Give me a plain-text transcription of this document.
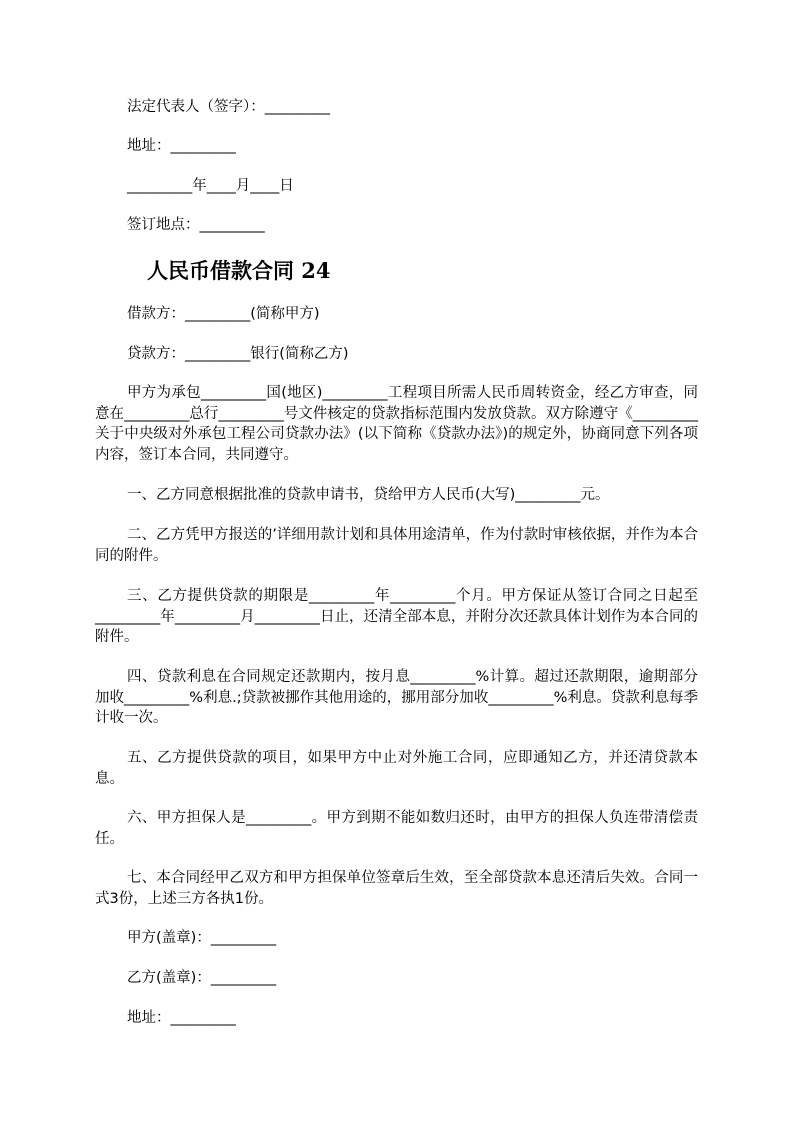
法定代表人（签字）：_________
地址：_________
_________年____月____日
签订地点：_________
人民币借款合同 24
借款方：_________(简称甲方)
贷款方：_________银行(简称乙方)
甲方为承包_________国(地区)_________工程项目所需人民币周转资金，经乙方审查，同意在_________总行_________号文件核定的贷款指标范围内发放贷款。双方除遵守《_________关于中央级对外承包工程公司贷款办法》(以下简称《贷款办法》)的规定外，协商同意下列各项内容，签订本合同，共同遵守。
一、乙方同意根据批准的贷款申请书，贷给甲方人民币(大写)_________元。
二、乙方凭甲方报送的’详细用款计划和具体用途清单，作为付款时审核依据，并作为本合同的附件。
三、乙方提供贷款的期限是_________年_________个月。甲方保证从签订合同之日起至_________年_________月_________日止，还清全部本息，并附分次还款具体计划作为本合同的附件。
四、贷款利息在合同规定还款期内，按月息_________%计算。超过还款期限，逾期部分加收_________%利息.;贷款被挪作其他用途的，挪用部分加收_________%利息。贷款利息每季计收一次。
五、乙方提供贷款的项目，如果甲方中止对外施工合同，应即通知乙方，并还清贷款本息。
六、甲方担保人是_________。甲方到期不能如数归还时，由甲方的担保人负连带清偿责任。
七、本合同经甲乙双方和甲方担保单位签章后生效，至全部贷款本息还清后失效。合同一式3份，上述三方各执1份。
甲方(盖章)：_________
乙方(盖章)：_________
地址：_________
